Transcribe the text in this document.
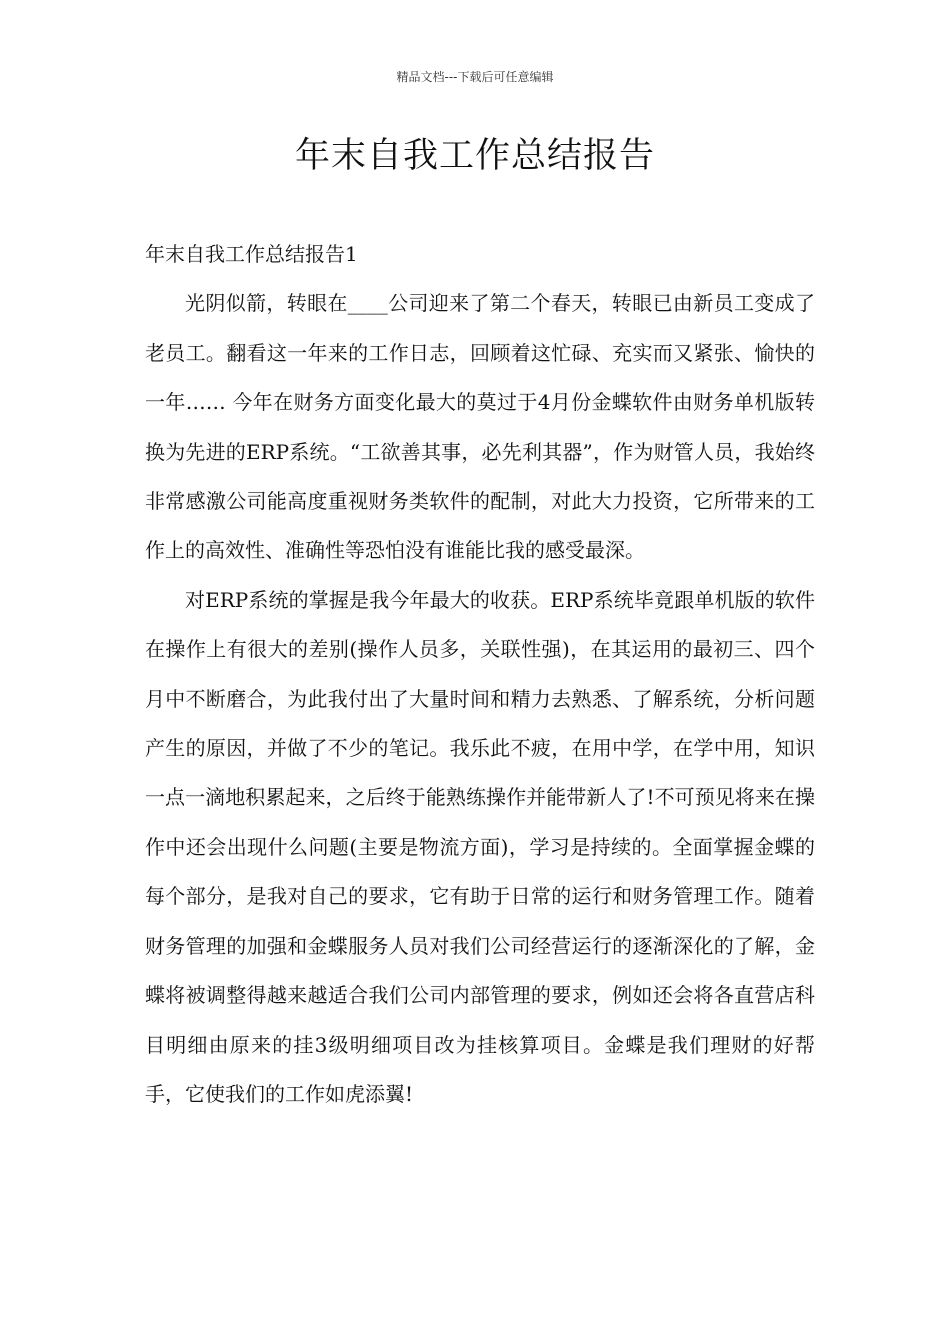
精品文档---下载后可任意编辑
年末自我工作总结报告

年末自我工作总结报告1

光阴似箭，转眼在____公司迎来了第二个春天，转眼已由新员工变成了老员工。翻看这一年来的工作日志，回顾着这忙碌、充实而又紧张、愉快的一年…… 今年在财务方面变化最大的莫过于4月份金蝶软件由财务单机版转换为先进的ERP系统。“工欲善其事，必先利其器”，作为财管人员，我始终非常感激公司能高度重视财务类软件的配制，对此大力投资，它所带来的工作上的高效性、准确性等恐怕没有谁能比我的感受最深。

对ERP系统的掌握是我今年最大的收获。ERP系统毕竟跟单机版的软件在操作上有很大的差别(操作人员多，关联性强)，在其运用的最初三、四个月中不断磨合，为此我付出了大量时间和精力去熟悉、了解系统，分析问题产生的原因，并做了不少的笔记。我乐此不疲，在用中学，在学中用，知识一点一滴地积累起来，之后终于能熟练操作并能带新人了!不可预见将来在操作中还会出现什么问题(主要是物流方面)，学习是持续的。全面掌握金蝶的每个部分，是我对自己的要求，它有助于日常的运行和财务管理工作。随着财务管理的加强和金蝶服务人员对我们公司经营运行的逐渐深化的了解，金蝶将被调整得越来越适合我们公司内部管理的要求，例如还会将各直营店科目明细由原来的挂3级明细项目改为挂核算项目。金蝶是我们理财的好帮手，它使我们的工作如虎添翼!
